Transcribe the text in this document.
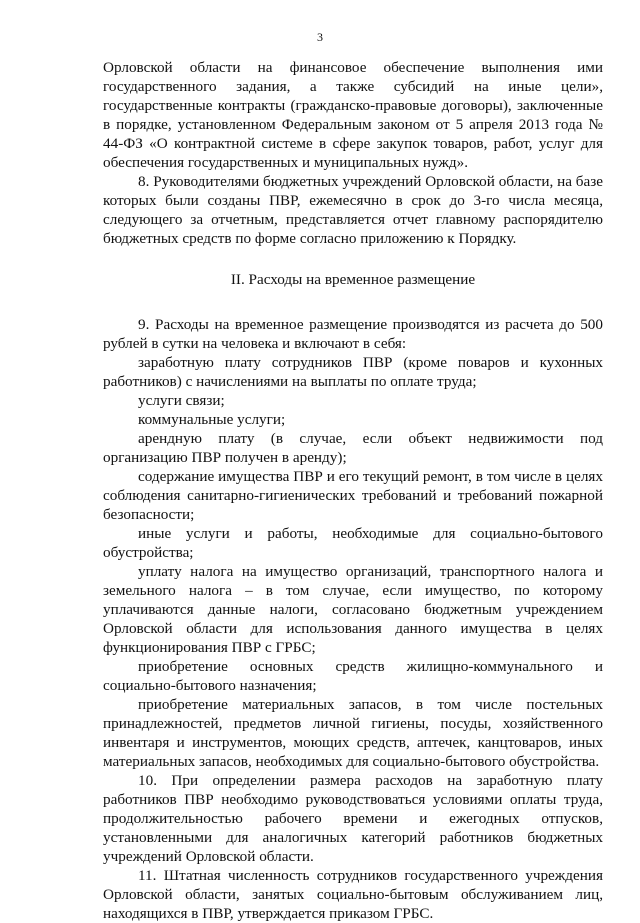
3

Орловской области на финансовое обеспечение выполнения ими государственного задания, а также субсидий на иные цели», государственные контракты (гражданско-правовые договоры), заключенные в порядке, установленном Федеральным законом от 5 апреля 2013 года № 44-ФЗ «О контрактной системе в сфере закупок товаров, работ, услуг для обеспечения государственных и муниципальных нужд».

8. Руководителями бюджетных учреждений Орловской области, на базе которых были созданы ПВР, ежемесячно в срок до 3-го числа месяца, следующего за отчетным, представляется отчет главному распорядителю бюджетных средств по форме согласно приложению к Порядку.

II. Расходы на временное размещение

9. Расходы на временное размещение производятся из расчета до 500 рублей в сутки на человека и включают в себя:

заработную плату сотрудников ПВР (кроме поваров и кухонных работников) с начислениями на выплаты по оплате труда;

услуги связи;

коммунальные услуги;

арендную плату (в случае, если объект недвижимости под организацию ПВР получен в аренду);

содержание имущества ПВР и его текущий ремонт, в том числе в целях соблюдения санитарно-гигиенических требований и требований пожарной безопасности;

иные услуги и работы, необходимые для социально-бытового обустройства;

уплату налога на имущество организаций, транспортного налога и земельного налога – в том случае, если имущество, по которому уплачиваются данные налоги, согласовано бюджетным учреждением Орловской области для использования данного имущества в целях функционирования ПВР с ГРБС;

приобретение основных средств жилищно-коммунального и социально-бытового назначения;

приобретение материальных запасов, в том числе постельных принадлежностей, предметов личной гигиены, посуды, хозяйственного инвентаря и инструментов, моющих средств, аптечек, канцтоваров, иных материальных запасов, необходимых для социально-бытового обустройства.

10. При определении размера расходов на заработную плату работников ПВР необходимо руководствоваться условиями оплаты труда, продолжительностью рабочего времени и ежегодных отпусков, установленными для аналогичных категорий работников бюджетных учреждений Орловской области.

11. Штатная численность сотрудников государственного учреждения Орловской области, занятых социально-бытовым обслуживанием лиц, находящихся в ПВР, утверждается приказом ГРБС.
